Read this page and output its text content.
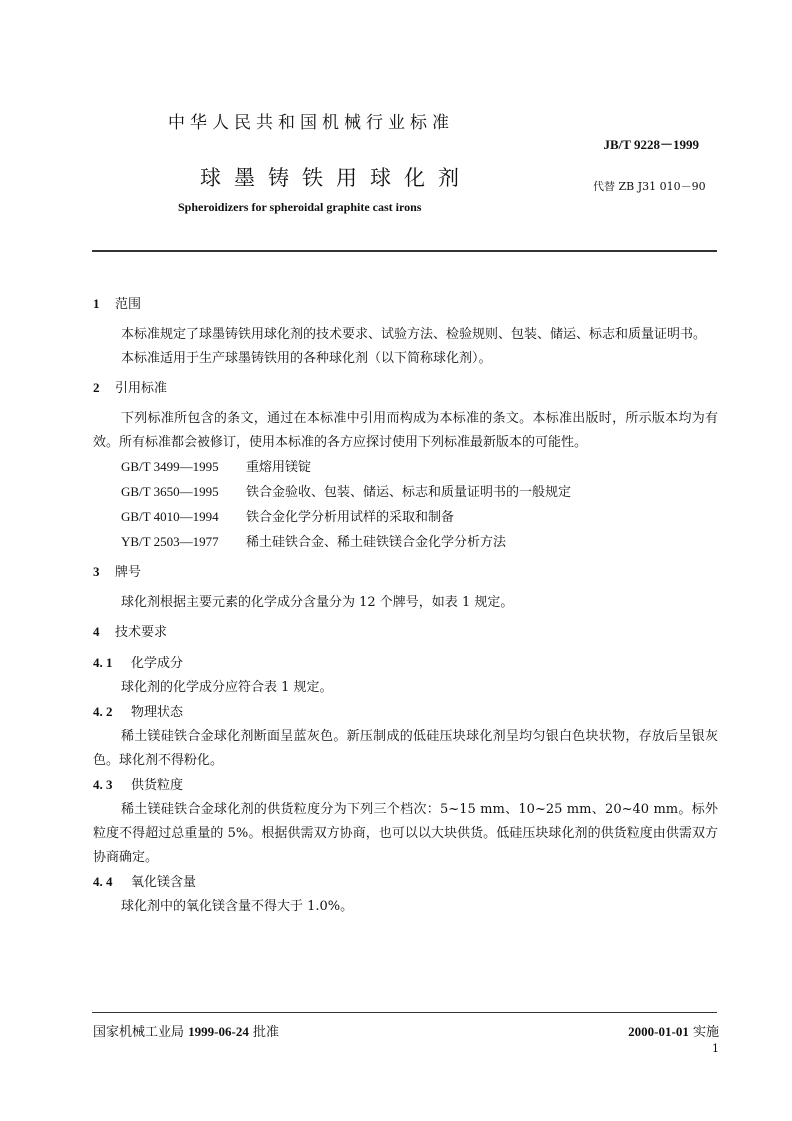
中华人民共和国机械行业标准
JB/T 9228－1999
球墨铸铁用球化剂	代替 ZB J31 010－90
Spheroidizers for spheroidal graphite cast irons

1 范围

本标准规定了球墨铸铁用球化剂的技术要求、试验方法、检验规则、包装、储运、标志和质量证明书。

本标准适用于生产球墨铸铁用的各种球化剂（以下简称球化剂）。

2 引用标准

下列标准所包含的条文，通过在本标准中引用而构成为本标准的条文。本标准出版时，所示版本均为有效。所有标准都会被修订，使用本标准的各方应探讨使用下列标准最新版本的可能性。

GB/T 3499—1995 重熔用镁锭

GB/T 3650—1995 铁合金验收、包装、储运、标志和质量证明书的一般规定

GB/T 4010—1994 铁合金化学分析用试样的采取和制备

YB/T 2503—1977 稀土硅铁合金、稀土硅铁镁合金化学分析方法

3 牌号

球化剂根据主要元素的化学成分含量分为 12 个牌号，如表 1 规定。

4 技术要求

4. 1 化学成分

球化剂的化学成分应符合表 1 规定。

4. 2 物理状态

稀土镁硅铁合金球化剂断面呈蓝灰色。新压制成的低硅压块球化剂呈均匀银白色块状物，存放后呈银灰色。球化剂不得粉化。

4. 3 供货粒度

稀土镁硅铁合金球化剂的供货粒度分为下列三个档次：5~15 mm、10~25 mm、20~40 mm。标外粒度不得超过总重量的 5%。根据供需双方协商，也可以以大块供货。低硅压块球化剂的供货粒度由供需双方协商确定。

4. 4 氧化镁含量

球化剂中的氧化镁含量不得大于 1.0%。

国家机械工业局 1999-06-24 批准	2000-01-01 实施
1
